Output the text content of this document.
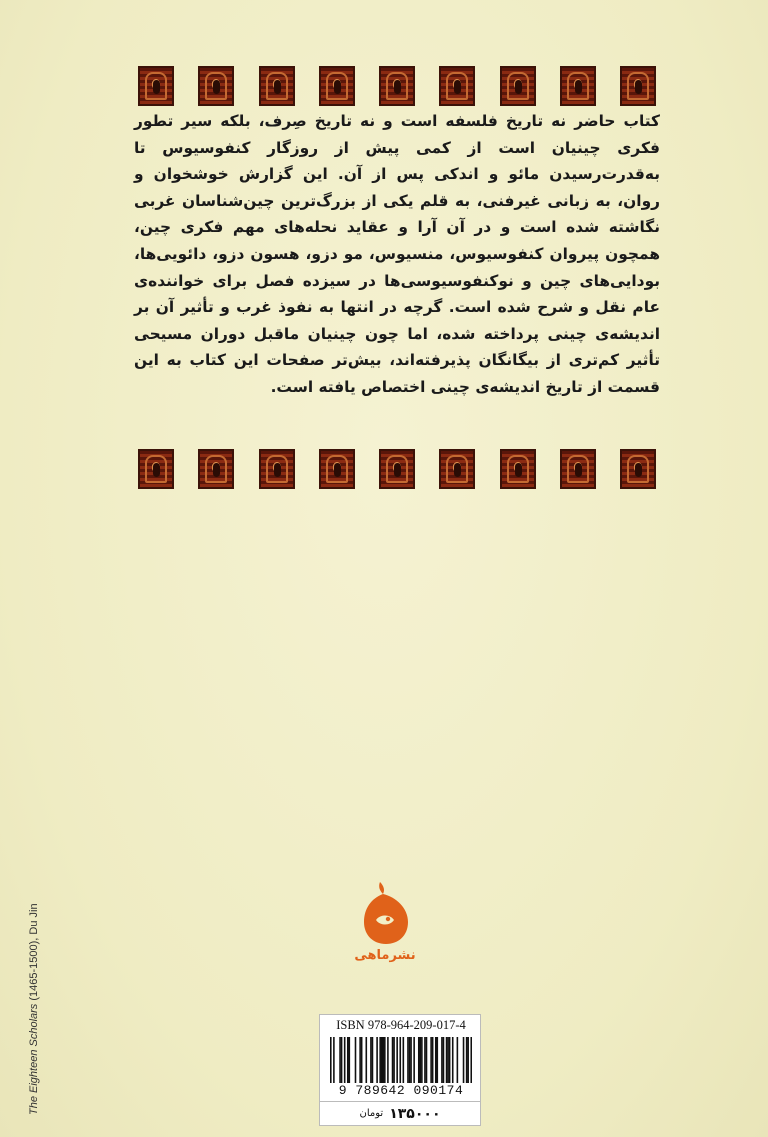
کتاب حاضر نه تاریخ فلسفه است و نه تاریخ صِرف، بلکه سیر تطور فکری چینیان است از کمی پیش از روزگار کنفوسیوس تا به‌قدرت‌رسیدن مائو و اندکی پس از آن. این گزارش خوشخوان و روان، به زبانی غیرفنی، به قلم یکی از بزرگ‌ترین چین‌شناسان غربی نگاشته شده است و در آن آرا و عقاید نحله‌های مهم فکری چین، همچون پیروان کنفوسیوس، منسیوس، مو دزو، هسون دزو، دائویی‌ها، بودایی‌های چین و نوکنفوسیوسی‌ها در سیزده فصل برای خواننده‌ی عام نقل و شرح شده است. گرچه در انتها به نفوذ غرب و تأثیر آن بر اندیشه‌ی چینی پرداخته شده، اما چون چینیان ماقبل دوران مسیحی تأثیر کم‌تری از بیگانگان پذیرفته‌اند، بیش‌تر صفحات این کتاب به این قسمت از تاریخ اندیشه‌ی چینی اختصاص یافته است.

The Eighteen Scholars (1465-1500), Du Jin	نشرماهی
ISBN 978-964-209-017-4
9 789642 090174
۱۳۵۰۰۰
تومان
